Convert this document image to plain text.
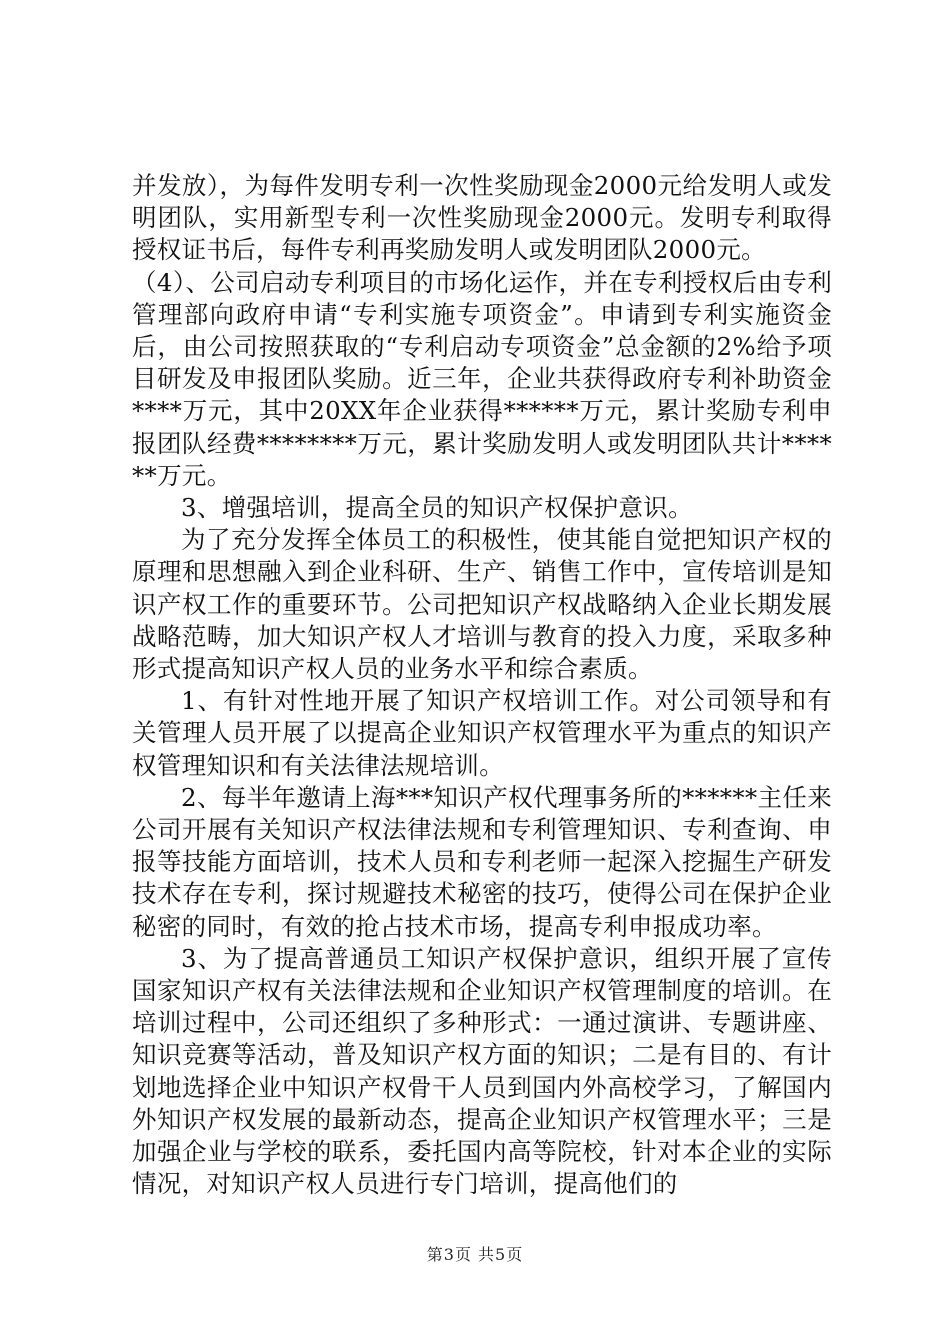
并发放），为每件发明专利一次性奖励现金2000元给发明人或发明团队，实用新型专利一次性奖励现金2000元。发明专利取得授权证书后，每件专利再奖励发明人或发明团队2000元。

（4）、公司启动专利项目的市场化运作，并在专利授权后由专利管理部向政府申请“专利实施专项资金”。申请到专利实施资金后，由公司按照获取的“专利启动专项资金”总金额的2%给予项目研发及申报团队奖励。近三年，企业共获得政府专利补助资金****万元，其中20XX年企业获得******万元，累计奖励专利申报团队经费********万元，累计奖励发明人或发明团队共计******万元。

3、增强培训，提高全员的知识产权保护意识。

为了充分发挥全体员工的积极性，使其能自觉把知识产权的原理和思想融入到企业科研、生产、销售工作中，宣传培训是知识产权工作的重要环节。公司把知识产权战略纳入企业长期发展战略范畴，加大知识产权人才培训与教育的投入力度，采取多种形式提高知识产权人员的业务水平和综合素质。

1、有针对性地开展了知识产权培训工作。对公司领导和有关管理人员开展了以提高企业知识产权管理水平为重点的知识产权管理知识和有关法律法规培训。

2、每半年邀请上海***知识产权代理事务所的******主任来公司开展有关知识产权法律法规和专利管理知识、专利查询、申报等技能方面培训，技术人员和专利老师一起深入挖掘生产研发技术存在专利，探讨规避技术秘密的技巧，使得公司在保护企业秘密的同时，有效的抢占技术市场，提高专利申报成功率。

3、为了提高普通员工知识产权保护意识，组织开展了宣传国家知识产权有关法律法规和企业知识产权管理制度的培训。在培训过程中，公司还组织了多种形式：一通过演讲、专题讲座、知识竞赛等活动，普及知识产权方面的知识；二是有目的、有计划地选择企业中知识产权骨干人员到国内外高校学习，了解国内外知识产权发展的最新动态，提高企业知识产权管理水平；三是加强企业与学校的联系，委托国内高等院校，针对本企业的实际情况，对知识产权人员进行专门培训，提高他们的

第3页 共5页
